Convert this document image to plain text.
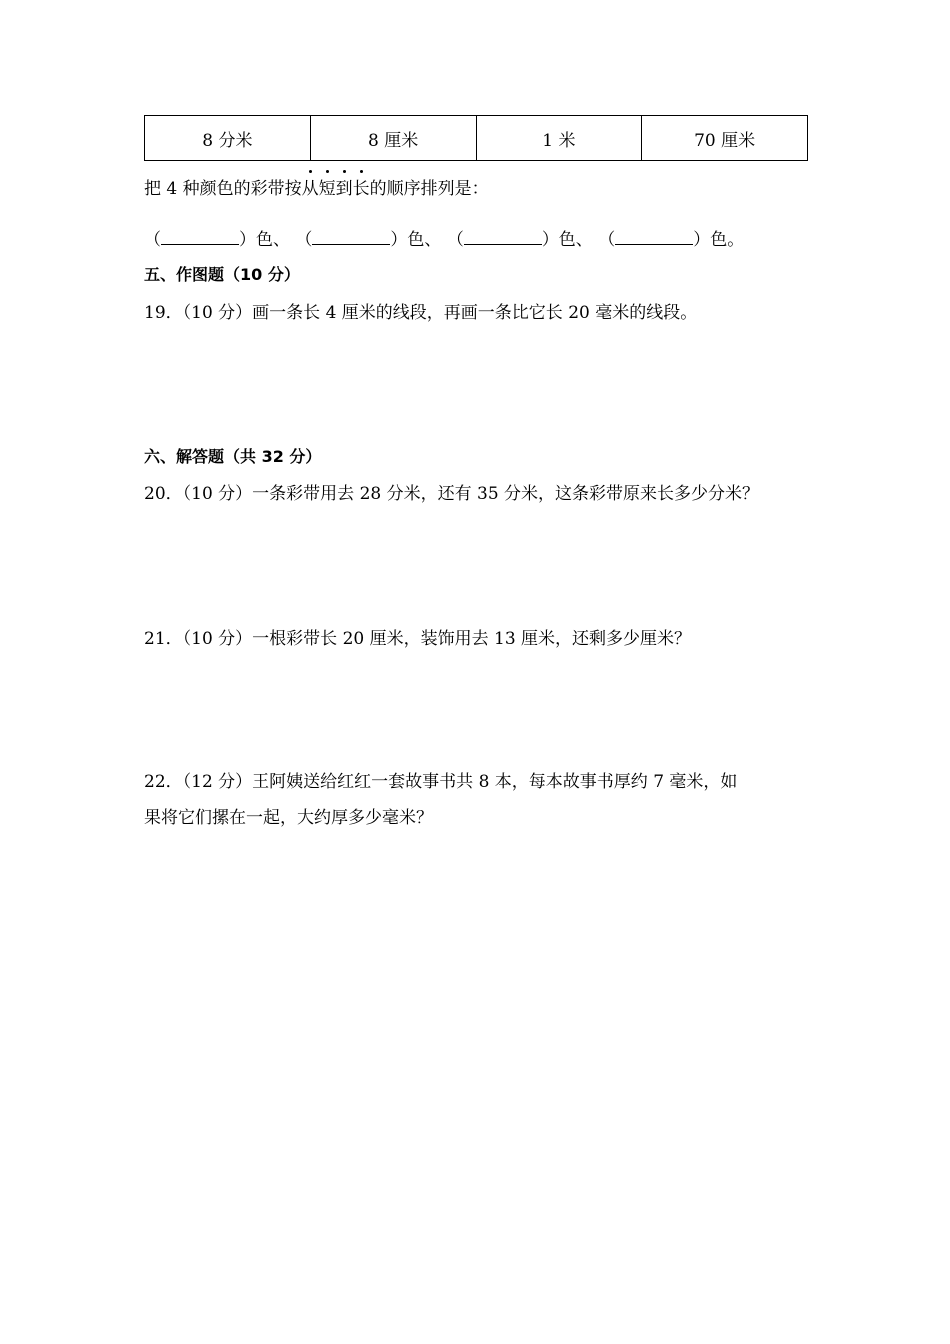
8 分米	8 厘米	1 米	70 厘米
把 4 种颜色的彩带按
从
短
到
长的顺序排列是：
（	）色、 （	）色、 （	）色、 （	）色。
五、作图题（10 分）
19．（10 分）画一条长 4 厘米的线段，再画一条比它长 20 毫米的线段。
六、解答题（共 32 分）
20．（10 分）一条彩带用去 28 分米，还有 35 分米，这条彩带原来长多少分米？
21．（10 分）一根彩带长 20 厘米，装饰用去 13 厘米，还剩多少厘米？
22．（12 分）王阿姨送给红红一套故事书共 8 本，每本故事书厚约 7 毫米，如
果将它们摞在一起，大约厚多少毫米？
